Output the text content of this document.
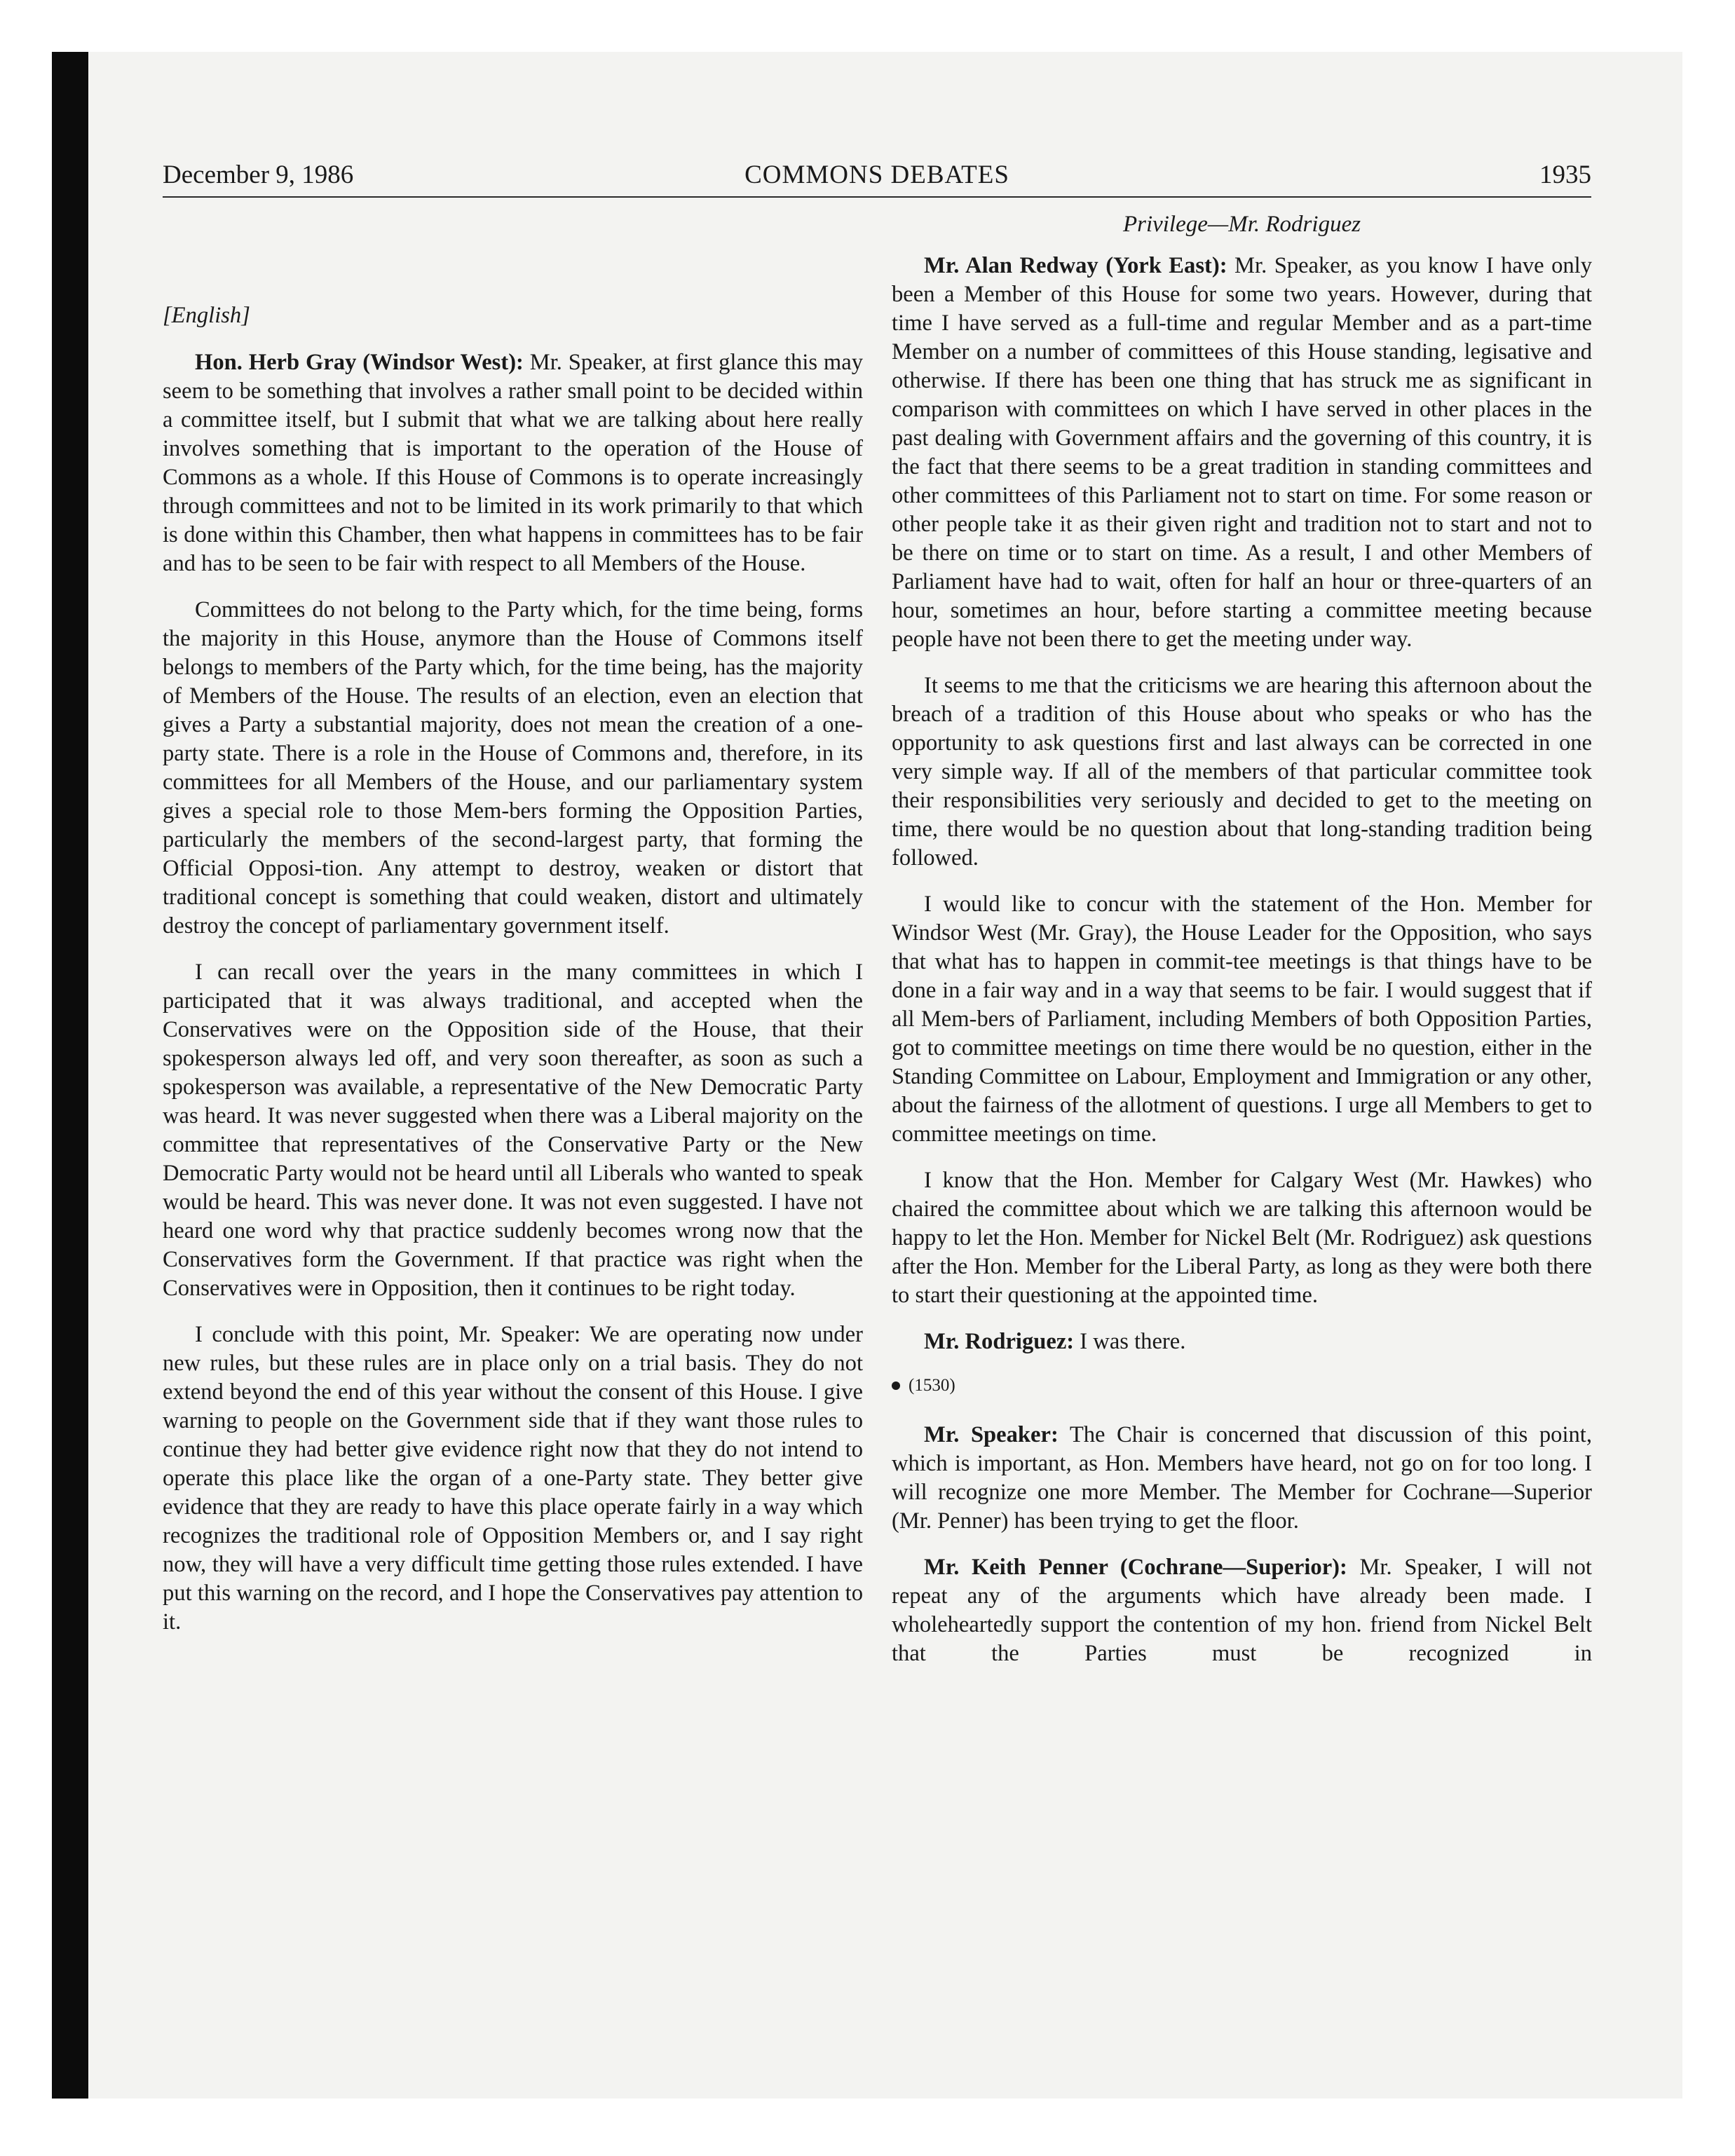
December 9, 1986	COMMONS DEBATES	1935

[English]

Hon. Herb Gray (Windsor West): Mr. Speaker, at first glance this may seem to be something that involves a rather small point to be decided within a committee itself, but I submit that what we are talking about here really involves something that is important to the operation of the House of Commons as a whole. If this House of Commons is to operate increasingly through committees and not to be limited in its work primarily to that which is done within this Chamber, then what happens in committees has to be fair and has to be seen to be fair with respect to all Members of the House.

Committees do not belong to the Party which, for the time being, forms the majority in this House, anymore than the House of Commons itself belongs to members of the Party which, for the time being, has the majority of Members of the House. The results of an election, even an election that gives a Party a substantial majority, does not mean the creation of a one-party state. There is a role in the House of Commons and, therefore, in its committees for all Members of the House, and our parliamentary system gives a special role to those Mem-bers forming the Opposition Parties, particularly the members of the second-largest party, that forming the Official Opposi-tion. Any attempt to destroy, weaken or distort that traditional concept is something that could weaken, distort and ultimately destroy the concept of parliamentary government itself.

I can recall over the years in the many committees in which I participated that it was always traditional, and accepted when the Conservatives were on the Opposition side of the House, that their spokesperson always led off, and very soon thereafter, as soon as such a spokesperson was available, a representative of the New Democratic Party was heard. It was never suggested when there was a Liberal majority on the committee that representatives of the Conservative Party or the New Democratic Party would not be heard until all Liberals who wanted to speak would be heard. This was never done. It was not even suggested. I have not heard one word why that practice suddenly becomes wrong now that the Conservatives form the Government. If that practice was right when the Conservatives were in Opposition, then it continues to be right today.

I conclude with this point, Mr. Speaker: We are operating now under new rules, but these rules are in place only on a trial basis. They do not extend beyond the end of this year without the consent of this House. I give warning to people on the Government side that if they want those rules to continue they had better give evidence right now that they do not intend to operate this place like the organ of a one-Party state. They better give evidence that they are ready to have this place operate fairly in a way which recognizes the traditional role of Opposition Members or, and I say right now, they will have a very difficult time getting those rules extended. I have put this warning on the record, and I hope the Conservatives pay attention to it.

Privilege—Mr. Rodriguez

Mr. Alan Redway (York East): Mr. Speaker, as you know I have only been a Member of this House for some two years. However, during that time I have served as a full-time and regular Member and as a part-time Member on a number of committees of this House standing, legisative and otherwise. If there has been one thing that has struck me as significant in comparison with committees on which I have served in other places in the past dealing with Government affairs and the governing of this country, it is the fact that there seems to be a great tradition in standing committees and other committees of this Parliament not to start on time. For some reason or other people take it as their given right and tradition not to start and not to be there on time or to start on time. As a result, I and other Members of Parliament have had to wait, often for half an hour or three-quarters of an hour, sometimes an hour, before starting a committee meeting because people have not been there to get the meeting under way.

It seems to me that the criticisms we are hearing this afternoon about the breach of a tradition of this House about who speaks or who has the opportunity to ask questions first and last always can be corrected in one very simple way. If all of the members of that particular committee took their responsibilities very seriously and decided to get to the meeting on time, there would be no question about that long-standing tradition being followed.

I would like to concur with the statement of the Hon. Member for Windsor West (Mr. Gray), the House Leader for the Opposition, who says that what has to happen in commit-tee meetings is that things have to be done in a fair way and in a way that seems to be fair. I would suggest that if all Mem-bers of Parliament, including Members of both Opposition Parties, got to committee meetings on time there would be no question, either in the Standing Committee on Labour, Employment and Immigration or any other, about the fairness of the allotment of questions. I urge all Members to get to committee meetings on time.

I know that the Hon. Member for Calgary West (Mr. Hawkes) who chaired the committee about which we are talking this afternoon would be happy to let the Hon. Member for Nickel Belt (Mr. Rodriguez) ask questions after the Hon. Member for the Liberal Party, as long as they were both there to start their questioning at the appointed time.

Mr. Rodriguez: I was there.

(1530)

Mr. Speaker: The Chair is concerned that discussion of this point, which is important, as Hon. Members have heard, not go on for too long. I will recognize one more Member. The Member for Cochrane—Superior (Mr. Penner) has been trying to get the floor.

Mr. Keith Penner (Cochrane—Superior): Mr. Speaker, I will not repeat any of the arguments which have already been made. I wholeheartedly support the contention of my hon. friend from Nickel Belt that the Parties must be recognized in
